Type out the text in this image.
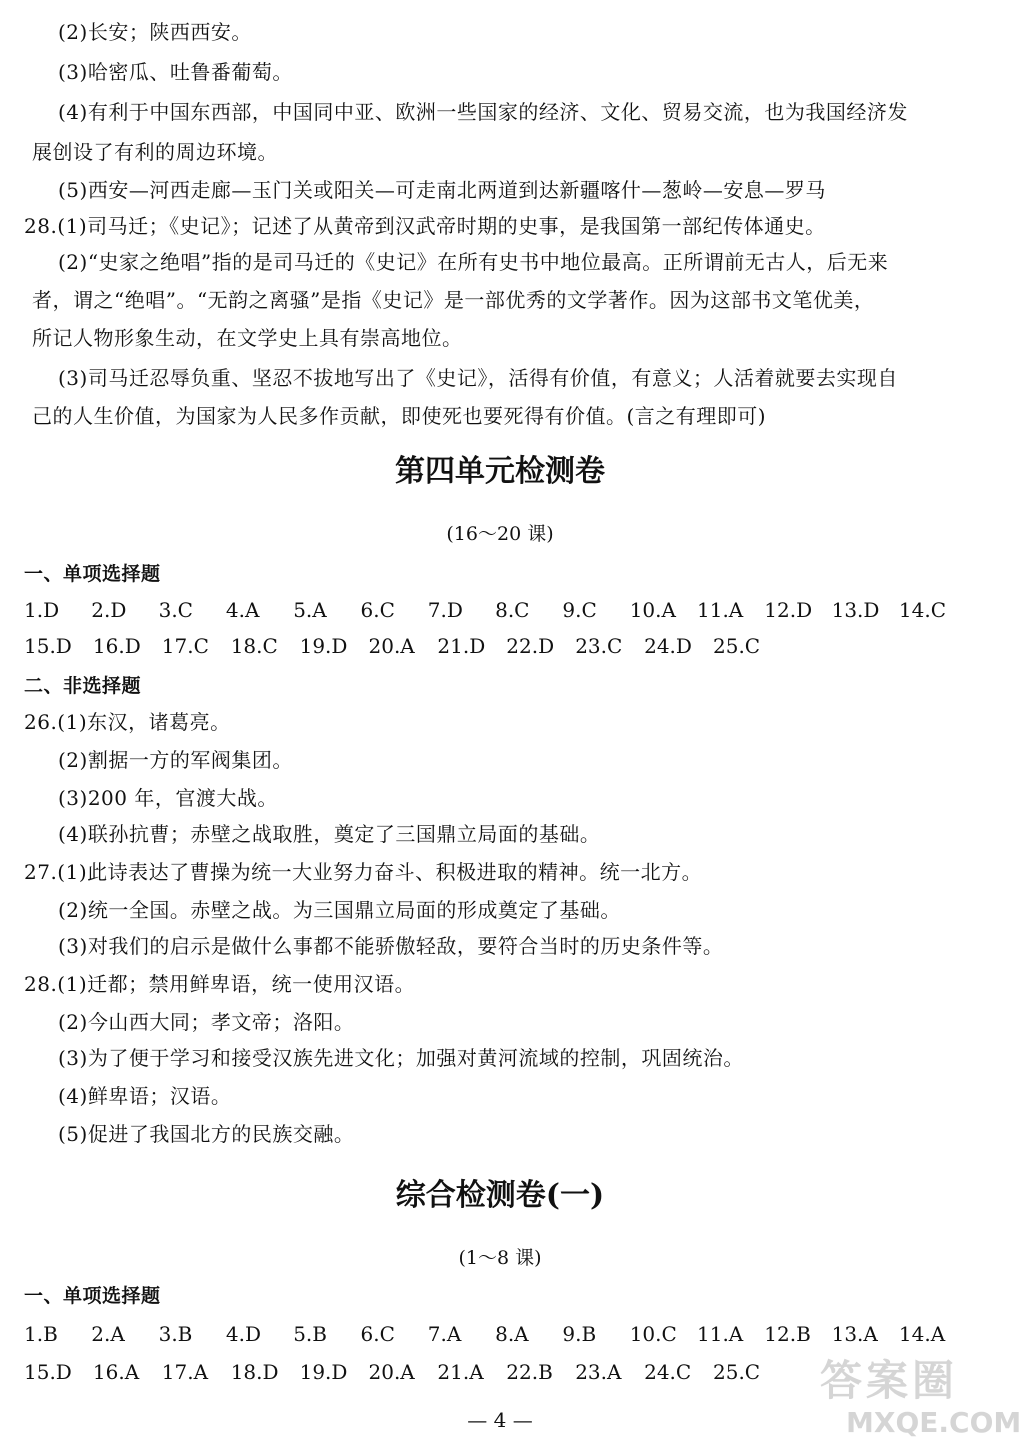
(2)长安；陕西西安。
(3)哈密瓜、吐鲁番葡萄。
(4)有利于中国东西部，中国同中亚、欧洲一些国家的经济、文化、贸易交流，也为我国经济发
展创设了有利的周边环境。
(5)西安—河西走廊—玉门关或阳关—可走南北两道到达新疆喀什—葱岭—安息—罗马
28.(1)司马迁；《史记》；记述了从黄帝到汉武帝时期的史事，是我国第一部纪传体通史。
(2)“史家之绝唱”指的是司马迁的《史记》在所有史书中地位最高。正所谓前无古人，后无来
者，谓之“绝唱”。“无韵之离骚”是指《史记》是一部优秀的文学著作。因为这部书文笔优美，
所记人物形象生动，在文学史上具有崇高地位。
(3)司马迁忍辱负重、坚忍不拔地写出了《史记》，活得有价值，有意义；人活着就要去实现自
己的人生价值，为国家为人民多作贡献，即使死也要死得有价值。(言之有理即可)
第四单元检测卷
(16～20 课)
一、单项选择题
1.D 2.D 3.C 4.A 5.A 6.C 7.D 8.C 9.C 10.A 11.A 12.D 13.D 14.C
15.D 16.D 17.C 18.C 19.D 20.A 21.D 22.D 23.C 24.D 25.C
二、非选择题
26.(1)东汉，诸葛亮。
(2)割据一方的军阀集团。
(3)200 年，官渡大战。
(4)联孙抗曹；赤壁之战取胜，奠定了三国鼎立局面的基础。
27.(1)此诗表达了曹操为统一大业努力奋斗、积极进取的精神。统一北方。
(2)统一全国。赤壁之战。为三国鼎立局面的形成奠定了基础。
(3)对我们的启示是做什么事都不能骄傲轻敌，要符合当时的历史条件等。
28.(1)迁都；禁用鲜卑语，统一使用汉语。
(2)今山西大同；孝文帝；洛阳。
(3)为了便于学习和接受汉族先进文化；加强对黄河流域的控制，巩固统治。
(4)鲜卑语；汉语。
(5)促进了我国北方的民族交融。
综合检测卷(一)
(1～8 课)
一、单项选择题
1.B 2.A 3.B 4.D 5.B 6.C 7.A 8.A 9.B 10.C 11.A 12.B 13.A 14.A
15.D 16.A 17.A 18.D 19.D 20.A 21.A 22.B 23.A 24.C 25.C
— 4 —
答案圈
MXQE.COM
